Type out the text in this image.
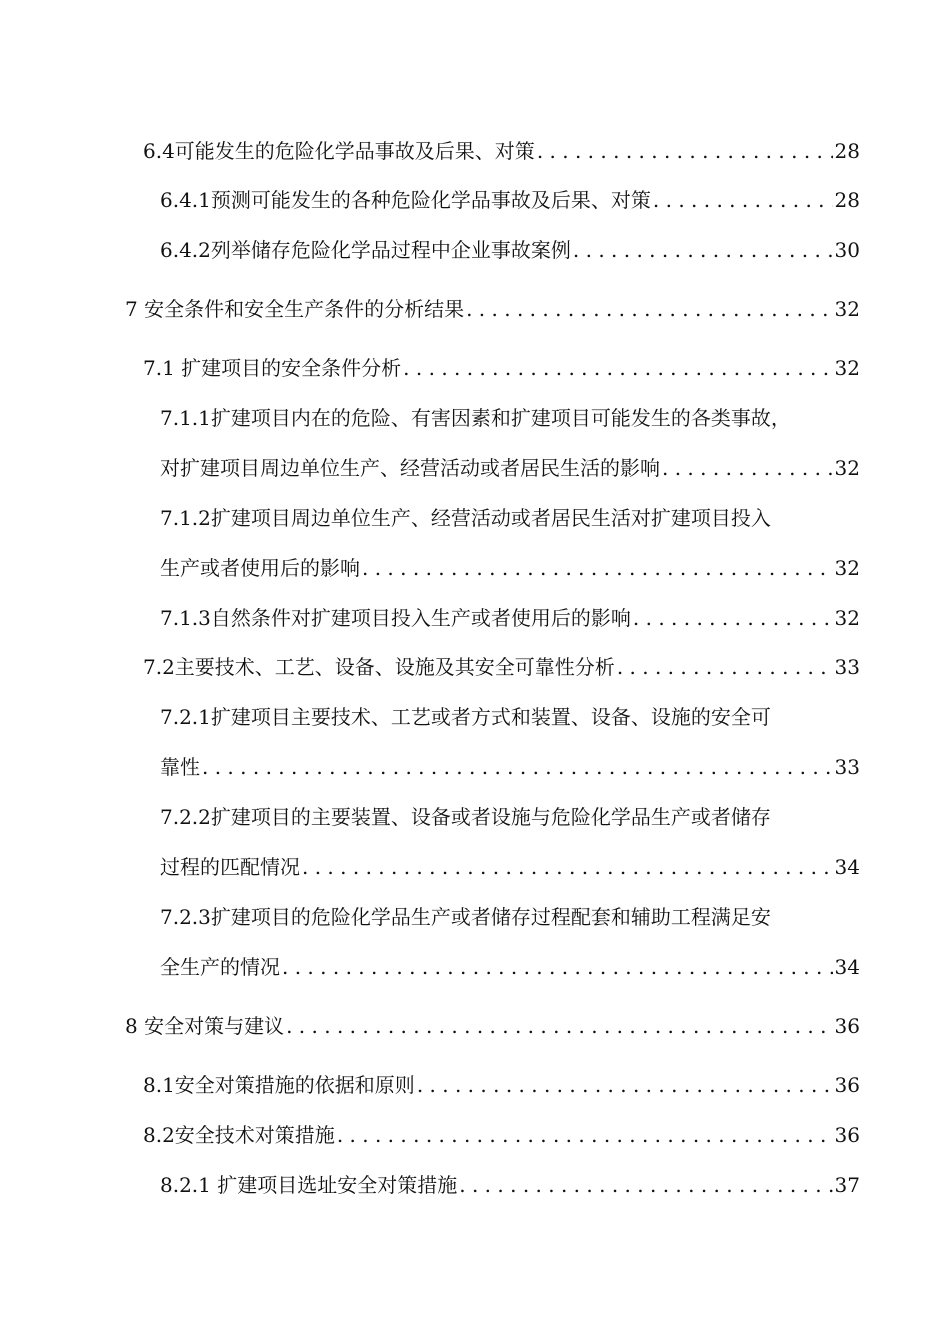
6.4可能发生的危险化学品事故及后果、对策 . . .	28
6.4.1预测可能发生的各种危险化学品事故及后果、对策 . . .	28
6.4.2列举储存危险化学品过程中企业事故案例 . . .	30
7 安全条件和安全生产条件的分析结果 . . .	32
7.1 扩建项目的安全条件分析 . . .	32
7.1.1扩建项目内在的危险、有害因素和扩建项目可能发生的各类事故，
对扩建项目周边单位生产、经营活动或者居民生活的影响 . . .	32
7.1.2扩建项目周边单位生产、经营活动或者居民生活对扩建项目投入
生产或者使用后的影响 . . .	32
7.1.3自然条件对扩建项目投入生产或者使用后的影响 . . .	32
7.2主要技术、工艺、设备、设施及其安全可靠性分析 . . .	33
7.2.1扩建项目主要技术、工艺或者方式和装置、设备、设施的安全可
靠性 . . .	33
7.2.2扩建项目的主要装置、设备或者设施与危险化学品生产或者储存
过程的匹配情况 . . .	34
7.2.3扩建项目的危险化学品生产或者储存过程配套和辅助工程满足安
全生产的情况 . . .	34
8 安全对策与建议 . . .	36
8.1安全对策措施的依据和原则 . . .	36
8.2安全技术对策措施 . . .	36
8.2.1 扩建项目选址安全对策措施 . . .	37
